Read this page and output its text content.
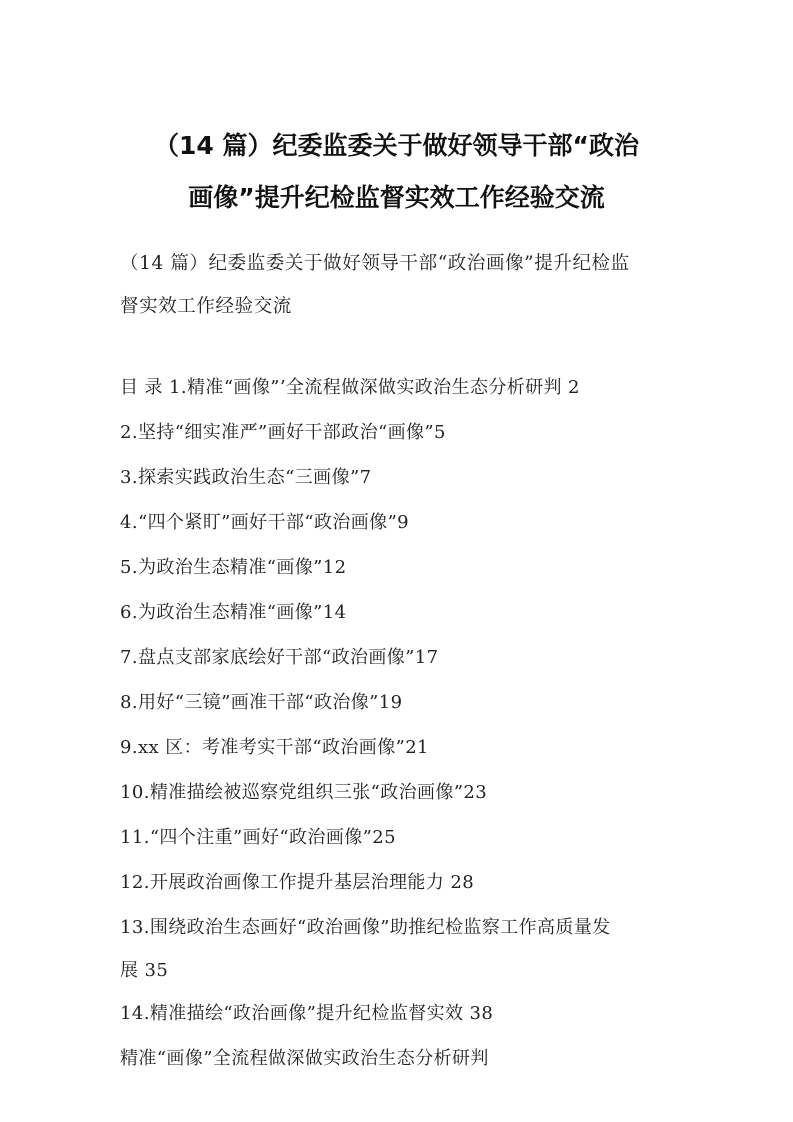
（14 篇）纪委监委关于做好领导干部“政治
画像”提升纪检监督实效工作经验交流
（14 篇）纪委监委关于做好领导干部“政治画像”提升纪检监
督实效工作经验交流
目 录 1.精准“画像”’全流程做深做实政治生态分析研判 2
2.坚持“细实准严”画好干部政治“画像”5
3.探索实践政治生态“三画像”7
4.“四个紧盯”画好干部“政治画像”9
5.为政治生态精准“画像”12
6.为政治生态精准“画像”14
7.盘点支部家底绘好干部“政治画像”17
8.用好“三镜”画准干部“政治像”19
9.xx 区：考准考实干部“政治画像”21
10.精准描绘被巡察党组织三张“政治画像”23
11.“四个注重”画好“政治画像”25
12.开展政治画像工作提升基层治理能力 28
13.围绕政治生态画好“政治画像”助推纪检监察工作高质量发
展 35
14.精准描绘“政治画像”提升纪检监督实效 38
精准“画像”全流程做深做实政治生态分析研判
